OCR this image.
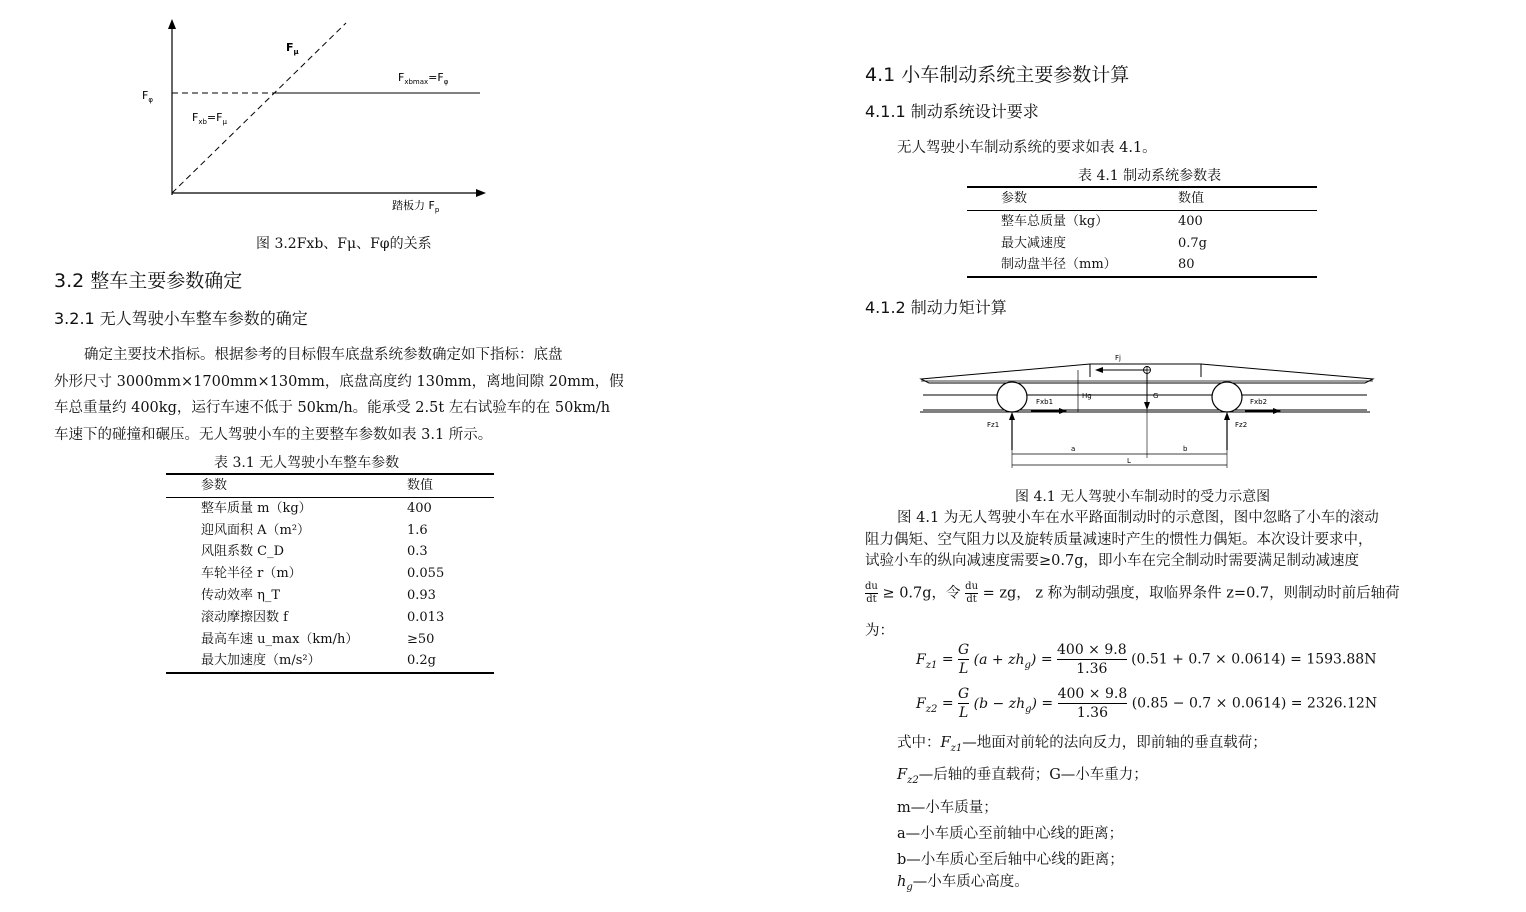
$F_\varphi$
$F_\mu$
$F_{xbmax}=F_\varphi$
$F_{xb}=F_\mu$
踏板力 $F_p$
图 3.2Fxb、Fμ、Fφ的关系
3.2 整车主要参数确定
3.2.1 无人驾驶小车整车参数的确定
确定主要技术指标。根据参考的目标假车底盘系统参数确定如下指标：底盘
外形尺寸 3000mm×1700mm×130mm，底盘高度约 130mm，离地间隙 20mm，假
车总重量约 400kg，运行车速不低于 50km/h。能承受 2.5t 左右试验车的在 50km/h
车速下的碰撞和碾压。无人驾驶小车的主要整车参数如表 3.1 所示。
表 3.1 无人驾驶小车整车参数
参数	数值
整车质量 m（kg）	400
迎风面积 A（m²）	1.6
风阻系数 C_D	0.3
车轮半径 r（m）	0.055
传动效率 η_T	0.93
滚动摩擦因数 f	0.013
最高车速 u_max（km/h）	≥50
最大加速度（m/s²）	0.2g
4.1 小车制动系统主要参数计算
4.1.1 制动系统设计要求
无人驾驶小车制动系统的要求如表 4.1。
表 4.1 制动系统参数表
参数	数值
整车总质量（kg）	400
最大减速度	0.7g
制动盘半径（mm）	80
4.1.2 制动力矩计算
Fj
G
Hg
Fxb1	Fxb2
Fz1	Fz2
a	b
L
图 4.1 无人驾驶小车制动时的受力示意图
图 4.1 为无人驾驶小车在水平路面制动时的示意图，图中忽略了小车的滚动
阻力偶矩、空气阻力以及旋转质量减速时产生的惯性力偶矩。本次设计要求中，
试验小车的纵向减速度需要≥0.7g，即小车在完全制动时需要满足制动减速度
$\frac{du}{dt} \ge 0.7g$，令 $\frac{du}{dt}$ = zg， z 称为制动强度，取临界条件 z=0.7，则制动时前后轴荷
为：
$F_{z1} = \frac{G}{L} (a + zh_g) = \frac{400 \times 9.8}{1.36} (0.51 + 0.7 \times 0.0614) = 1593.88N$
$F_{z2} = \frac{G}{L} (b - zh_g) = \frac{400 \times 9.8}{1.36} (0.85 - 0.7 \times 0.0614) = 2326.12N$
式中：$F_{z1}—$地面对前轮的法向反力，即前轴的垂直载荷；
$F_{z2}—$后轴的垂直载荷；G—小车重力；
m—小车质量；
a—小车质心至前轴中心线的距离；
b—小车质心至后轴中心线的距离；
$h_g—$小车质心高度。
